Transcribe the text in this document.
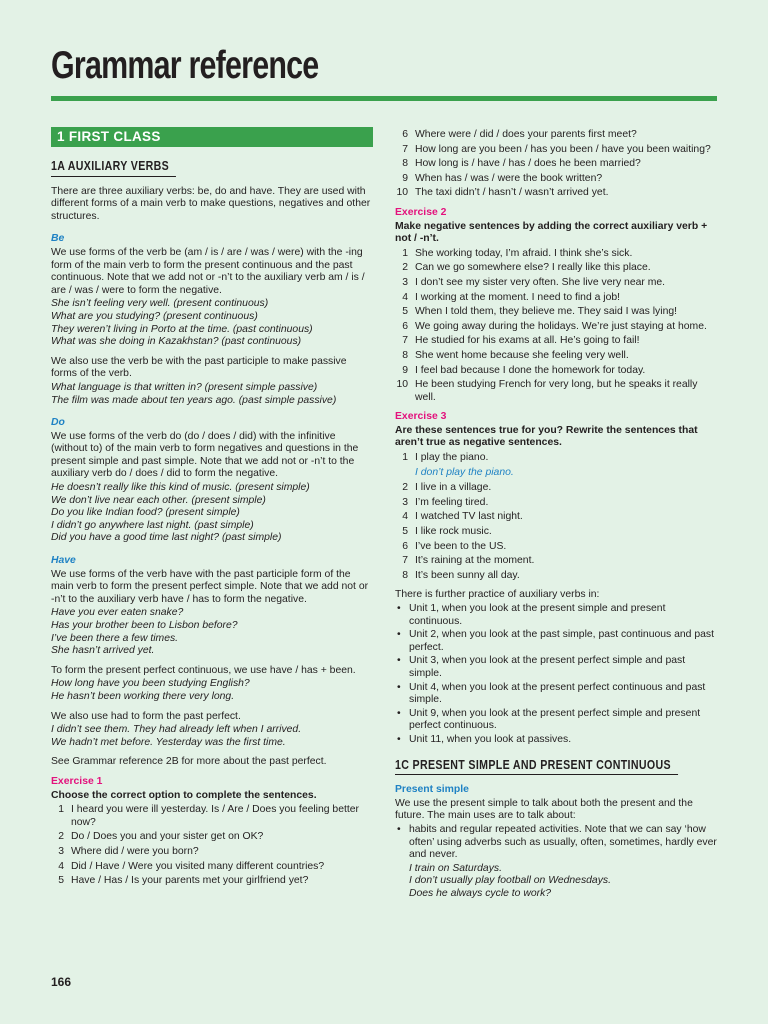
Grammar reference
1 FIRST CLASS
1A AUXILIARY VERBS

There are three auxiliary verbs: be, do and have. They are used with different forms of a main verb to make questions, negatives and other structures.

Be

We use forms of the verb be (am / is / are / was / were) with the -ing form of the main verb to form the present continuous and the past continuous. Note that we add not or -n’t to the auxiliary verb am / is / are / was / were to form the negative.

She isn’t feeling very well. (present continuous)
What are you studying? (present continuous)
They weren’t living in Porto at the time. (past continuous)
What was she doing in Kazakhstan? (past continuous)

We also use the verb be with the past participle to make passive forms of the verb.

What language is that written in? (present simple passive)
The film was made about ten years ago. (past simple passive)
Do

We use forms of the verb do (do / does / did) with the infinitive (without to) of the main verb to form negatives and questions in the present simple and past simple. Note that we add not or -n’t to the auxiliary verb do / does / did to form the negative.

He doesn’t really like this kind of music. (present simple)
We don’t live near each other. (present simple)
Do you like Indian food? (present simple)
I didn’t go anywhere last night. (past simple)
Did you have a good time last night? (past simple)
Have

We use forms of the verb have with the past participle form of the main verb to form the present perfect simple. Note that we add not or -n’t to the auxiliary verb have / has to form the negative.

Have you ever eaten snake?
Has your brother been to Lisbon before?
I’ve been there a few times.
She hasn’t arrived yet.

To form the present perfect continuous, we use have / has + been.

How long have you been studying English?
He hasn’t been working there very long.

We also use had to form the past perfect.

I didn’t see them. They had already left when I arrived.
We hadn’t met before. Yesterday was the first time.

See Grammar reference 2B for more about the past perfect.

Exercise 1
Choose the correct option to complete the sentences.
1 I heard you were ill yesterday. Is / Are / Does you feeling better now?
2 Do / Does you and your sister get on OK?
3 Where did / were you born?
4 Did / Have / Were you visited many different countries?
5 Have / Has / Is your parents met your girlfriend yet?
6 Where were / did / does your parents first meet?
7 How long are you been / has you been / have you been waiting?
8 How long is / have / has / does he been married?
9 When has / was / were the book written?
10 The taxi didn’t / hasn’t / wasn’t arrived yet.
Exercise 2
Make negative sentences by adding the correct auxiliary verb + not / -n’t.
1 She working today, I’m afraid. I think she’s sick.
2 Can we go somewhere else? I really like this place.
3 I don’t see my sister very often. She live very near me.
4 I working at the moment. I need to find a job!
5 When I told them, they believe me. They said I was lying!
6 We going away during the holidays. We’re just staying at home.
7 He studied for his exams at all. He’s going to fail!
8 She went home because she feeling very well.
9 I feel bad because I done the homework for today.
10 He been studying French for very long, but he speaks it really well.
Exercise 3
Are these sentences true for you? Rewrite the sentences that aren’t true as negative sentences.
1 I play the piano.
I don’t play the piano.
2 I live in a village.
3 I’m feeling tired.
4 I watched TV last night.
5 I like rock music.
6 I’ve been to the US.
7 It’s raining at the moment.
8 It’s been sunny all day.
There is further practice of auxiliary verbs in:
• Unit 1, when you look at the present simple and present continuous.
• Unit 2, when you look at the past simple, past continuous and past perfect.
• Unit 3, when you look at the present perfect simple and past simple.
• Unit 4, when you look at the present perfect continuous and past simple.
• Unit 9, when you look at the present perfect simple and present perfect continuous.
• Unit 11, when you look at passives.
1C PRESENT SIMPLE AND PRESENT CONTINUOUS
Present simple
We use the present simple to talk about both the present and the future. The main uses are to talk about:
• habits and regular repeated activities. Note that we can say ‘how often’ using adverbs such as usually, often, sometimes, hardly ever and never.
I train on Saturdays.
I don’t usually play football on Wednesdays.
Does he always cycle to work?
166
